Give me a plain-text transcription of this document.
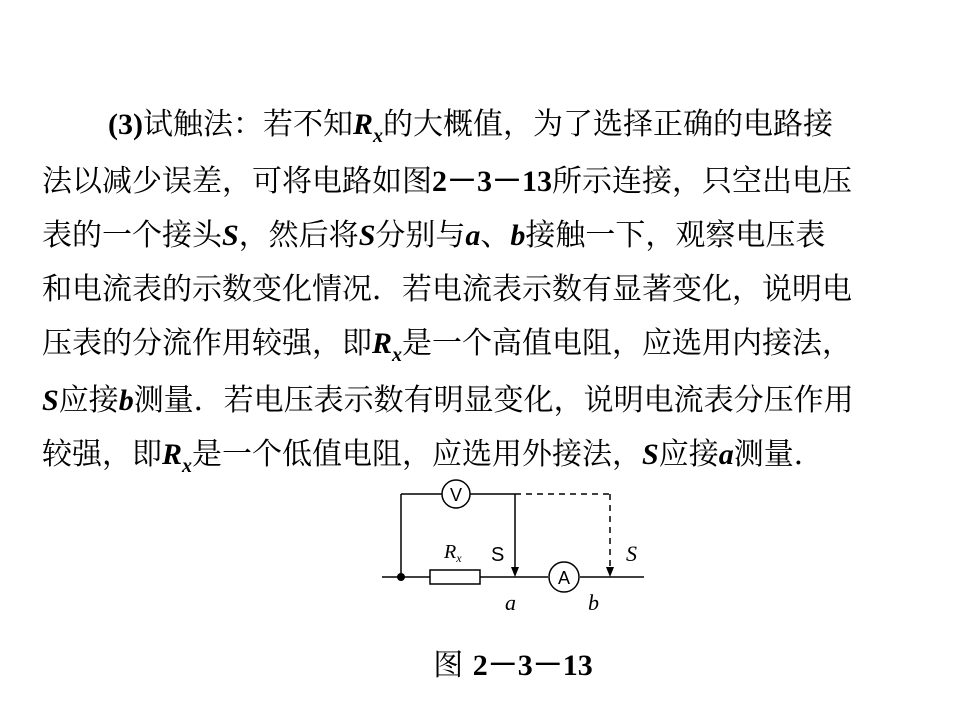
(3)试触法：若不知$R_x$的大概值，为了选择正确的电路接
法以减少误差，可将电路如图2－3－13所示连接，只空出电压
表的一个接头S，然后将S分别与a、b接触一下，观察电压表
和电流表的示数变化情况．若电流表示数有显著变化，说明电
压表的分流作用较强，即$R_x$是一个高值电阻，应选用内接法，
S应接b测量．若电压表示数有明显变化，说明电流表分压作用
较强，即$R_x$是一个低值电阻，应选用外接法，S应接a测量．
V
$R_x$
A
S	S
a	b
图 2－3－13
